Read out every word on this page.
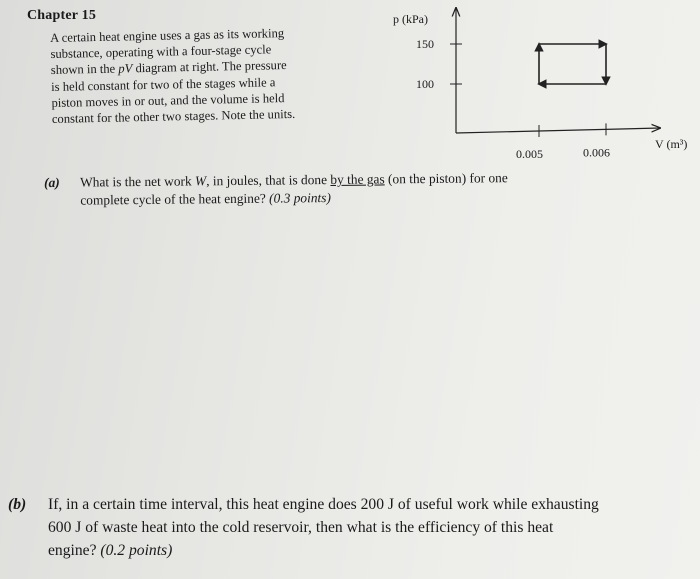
Chapter 15
A certain heat engine uses a gas as its working
substance, operating with a four-stage cycle
shown in the pV diagram at right. The pressure
is held constant for two of the stages while a
piston moves in or out, and the volume is held
constant for the other two stages. Note the units.
150
100
0.005	0.006
p (kPa)
V (m³)
(a) What is the net work W, in joules, that is done by the gas (on the piston) for one
complete cycle of the heat engine? (0.3 points)
(b) If, in a certain time interval, this heat engine does 200 J of useful work while exhausting
600 J of waste heat into the cold reservoir, then what is the efficiency of this heat
engine? (0.2 points)
